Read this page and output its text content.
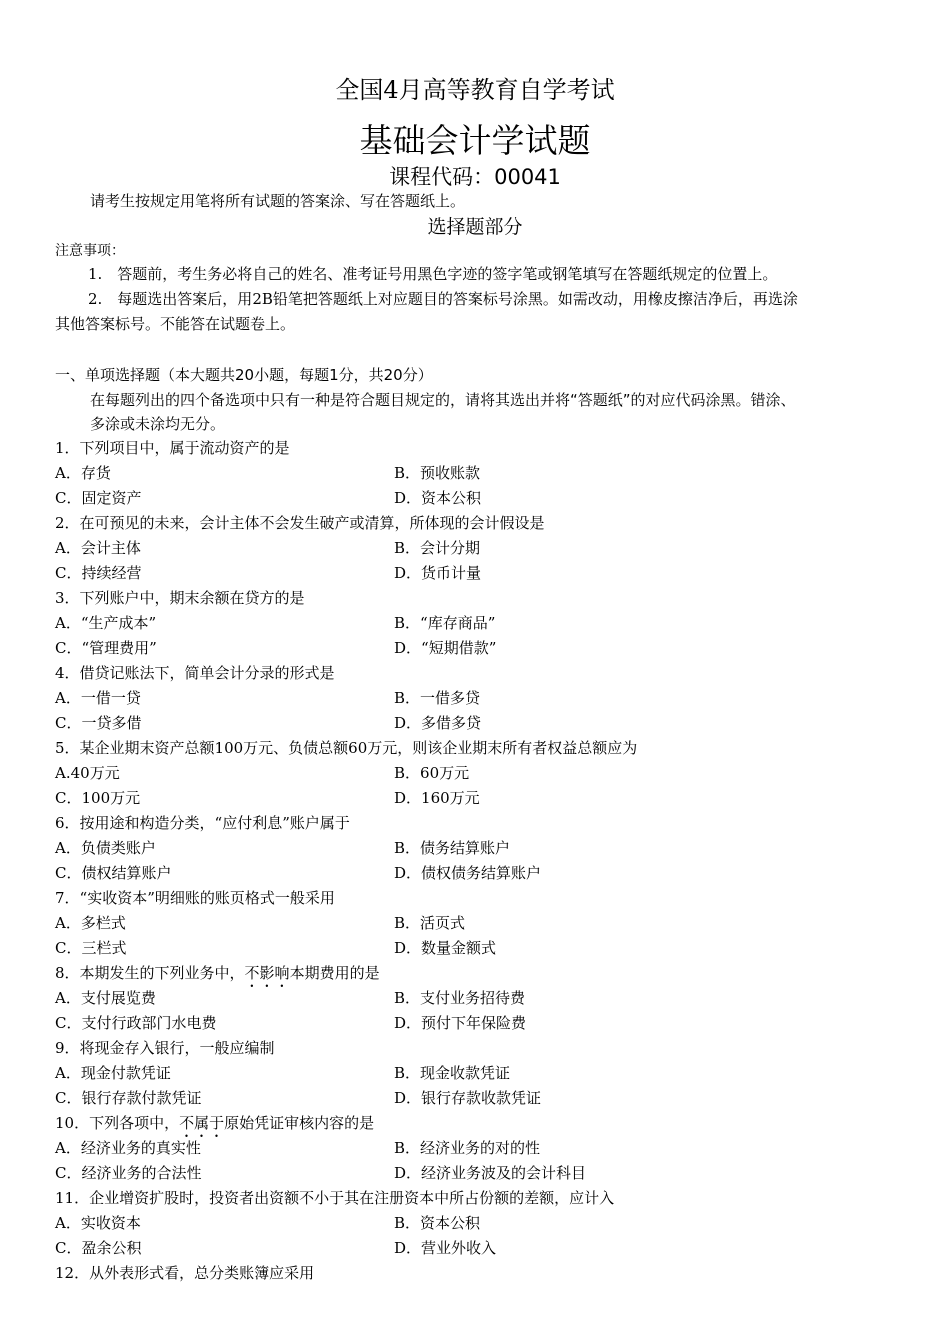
全国4月高等教育自学考试
基础会计学试题
课程代码：00041
请考生按规定用笔将所有试题的答案涂、写在答题纸上。
选择题部分
注意事项：
1.　答题前，考生务必将自己的姓名、准考证号用黑色字迹的签字笔或钢笔填写在答题纸规定的位置上。
2.　每题选出答案后，用2B铅笔把答题纸上对应题目的答案标号涂黑。如需改动，用橡皮擦洁净后，再选涂
其他答案标号。不能答在试题卷上。
一、单项选择题（本大题共20小题，每题1分，共20分）
在每题列出的四个备选项中只有一种是符合题目规定的，请将其选出并将“答题纸”的对应代码涂黑。错涂、
多涂或未涂均无分。
1．下列项目中，属于流动资产的是
A．存货	B．预收账款
C．固定资产	D．资本公积
2．在可预见的未来，会计主体不会发生破产或清算，所体现的会计假设是
A．会计主体	B．会计分期
C．持续经营	D．货币计量
3．下列账户中，期末余额在贷方的是
A．“生产成本”	B．“库存商品”
C．“管理费用”	D．“短期借款”
4．借贷记账法下，简单会计分录的形式是
A．一借一贷	B．一借多贷
C．一贷多借	D．多借多贷
5．某企业期末资产总额100万元、负债总额60万元，则该企业期末所有者权益总额应为
A.40万元	B．60万元
C．100万元	D．160万元
6．按用途和构造分类，“应付利息”账户属于
A．负债类账户	B．债务结算账户
C．债权结算账户	D．债权债务结算账户
7．“实收资本”明细账的账页格式一般采用
A．多栏式	B．活页式
C．三栏式	D．数量金额式
8．本期发生的下列业务中，不影响本期费用的是
A．支付展览费	B．支付业务招待费
C．支付行政部门水电费	D．预付下年保险费
9．将现金存入银行，一般应编制
A．现金付款凭证	B．现金收款凭证
C．银行存款付款凭证	D．银行存款收款凭证
10．下列各项中，不属于原始凭证审核内容的是
A．经济业务的真实性	B．经济业务的对的性
C．经济业务的合法性	D．经济业务波及的会计科目
11．企业增资扩股时，投资者出资额不小于其在注册资本中所占份额的差额，应计入
A．实收资本	B．资本公积
C．盈余公积	D．营业外收入
12．从外表形式看，总分类账簿应采用
